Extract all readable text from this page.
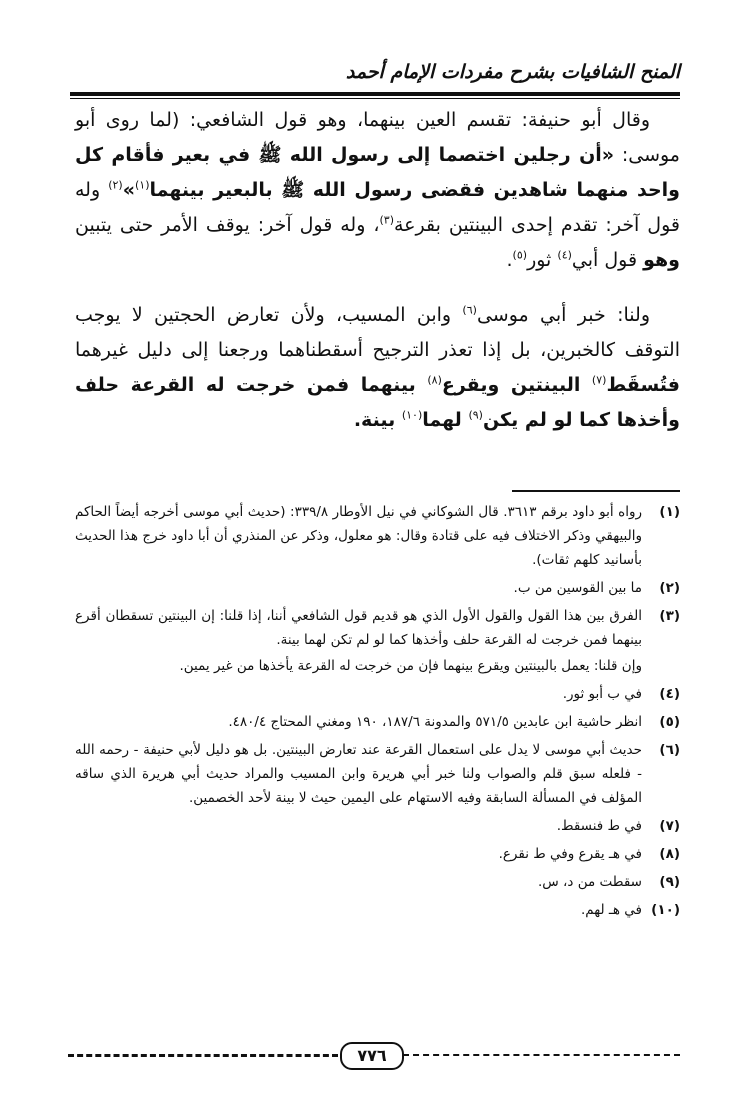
المنح الشافيات بشرح مفردات الإمام أحمد

وقال أبو حنيفة: تقسم العين بينهما، وهو قول الشافعي: (لما روى أبو موسى: «أن رجلين اختصما إلى رسول الله ﷺ في بعير فأقام كل واحد منهما شاهدين فقضى رسول الله ﷺ بالبعير بينهما$^{(١)}$»$^{(٢)}$ وله قول آخر: تقدم إحدى البينتين بقرعة$^{(٣)}$، وله قول آخر: يوقف الأمر حتى يتبين وهو قول أبي$^{(٤)}$ ثور$^{(٥)}$.

ولنا: خبر أبي موسى$^{(٦)}$ وابن المسيب، ولأن تعارض الحجتين لا يوجب التوقف كالخبرين، بل إذا تعذر الترجيح أسقطناهما ورجعنا إلى دليل غيرهما فتُسقَط$^{(٧)}$ البينتين ويقرع$^{(٨)}$ بينهما فمن خرجت له القرعة حلف وأخذها كما لو لم يكن$^{(٩)}$ لهما$^{(١٠)}$ بينة.

(١)

رواه أبو داود برقم ٣٦١٣. قال الشوكاني في نيل الأوطار ٣٣٩/٨: (حديث أبي موسى أخرجه أيضاً الحاكم والبيهقي وذكر الاختلاف فيه على قتادة وقال: هو معلول، وذكر عن المنذري أن أبا داود خرج هذا الحديث بأسانيد كلهم ثقات).

(٢)

ما بين القوسين من ب.

(٣)

الفرق بين هذا القول والقول الأول الذي هو قديم قول الشافعي أننا، إذا قلنا: إن البينتين تسقطان أقرع بينهما فمن خرجت له القرعة حلف وأخذها كما لو لم تكن لهما بينة.

وإن قلنا: يعمل بالبينتين ويقرع بينهما فإن من خرجت له القرعة يأخذها من غير يمين.

(٤)

في ب أبو ثور.

(٥)

انظر حاشية ابن عابدين ٥٧١/٥ والمدونة ١٨٧/٦، ١٩٠ ومغني المحتاج ٤٨٠/٤.

(٦)

حديث أبي موسى لا يدل على استعمال القرعة عند تعارض البينتين. بل هو دليل لأبي حنيفة - رحمه الله - فلعله سبق قلم والصواب ولنا خبر أبي هريرة وابن المسيب والمراد حديث أبي هريرة الذي ساقه المؤلف في المسألة السابقة وفيه الاستهام على اليمين حيث لا بينة لأحد الخصمين.

(٧)

في ط فنسقط.

(٨)

في هـ يقرع وفي ط نقرع.

(٩)

سقطت من د، س.

(١٠)

في هـ لهم.

٧٧٦
